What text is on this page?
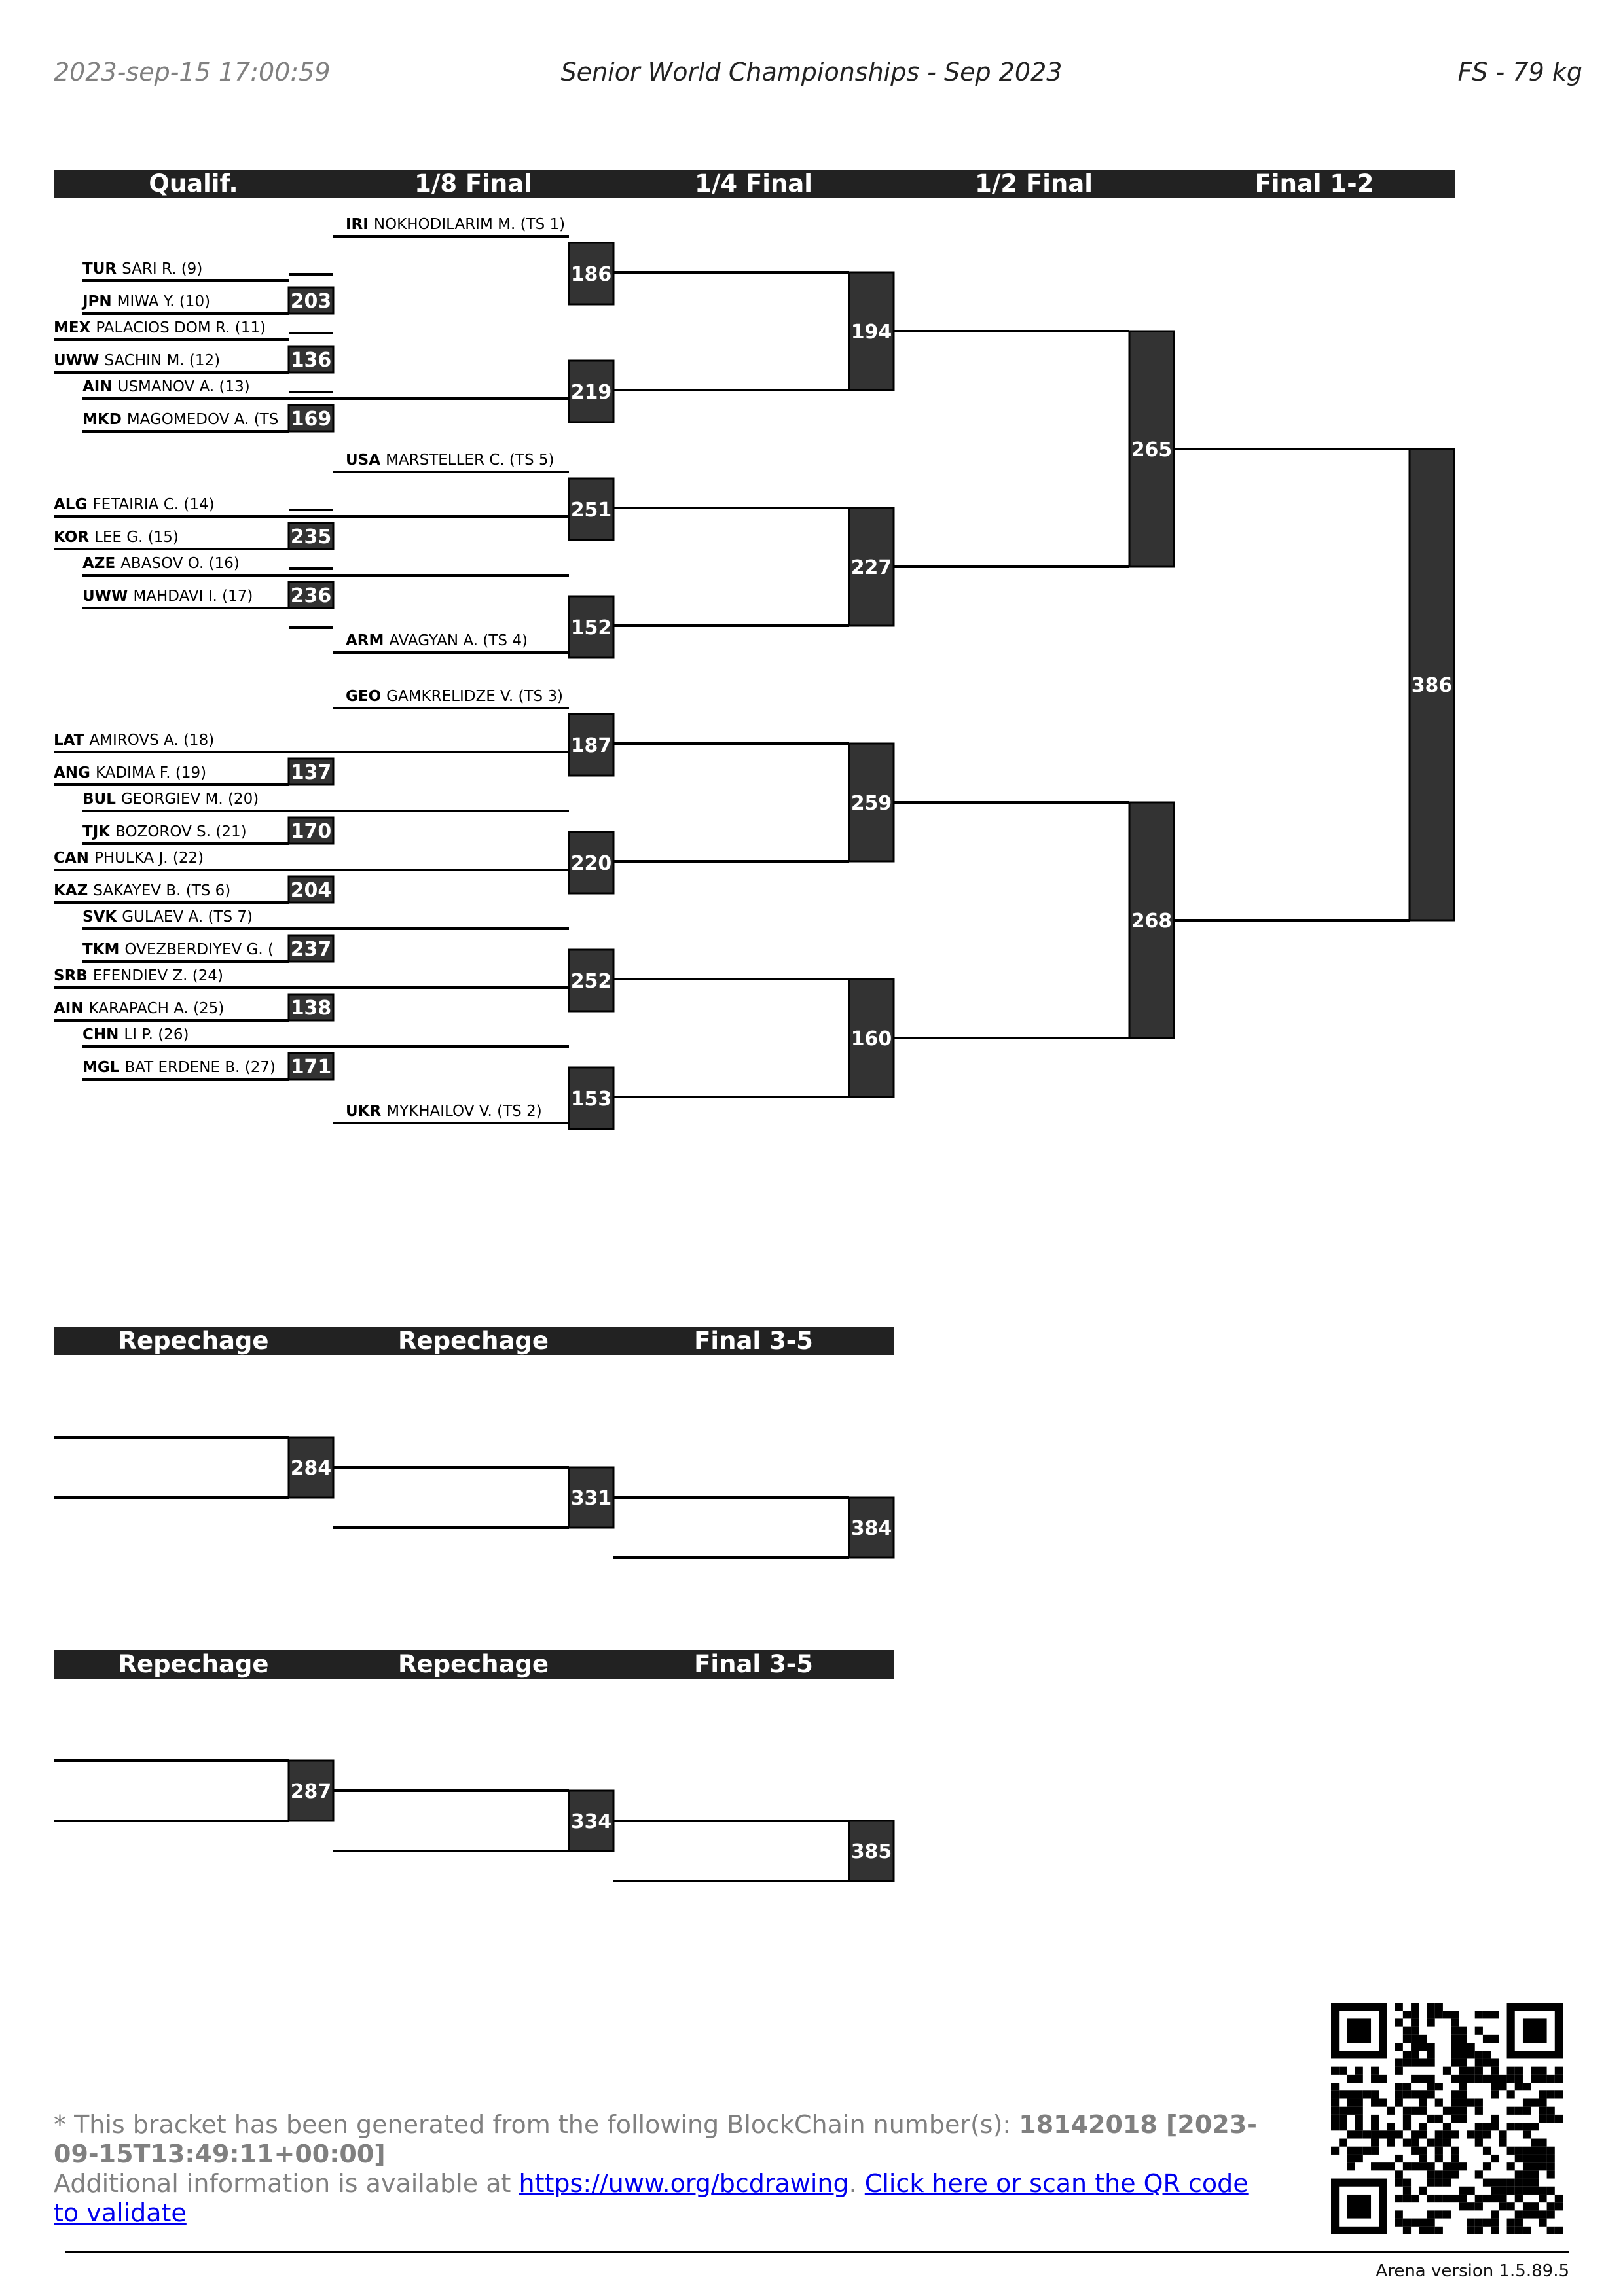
2023-sep-15 17:00:59	Senior World Championships - Sep 2023	FS - 79 kg
Qualif.	1/8 Final	1/4 Final	1/2 Final	Final 1-2
Repechage	Repechage	Final 3-5
Repechage	Repechage	Final 3-5
IRI NOKHODILARIM M. (TS 1)
TUR SARI R. (9)
JPN MIWA Y. (10)
MEX PALACIOS DOM R. (11)
UWW SACHIN M. (12)
AIN USMANOV A. (13)
MKD MAGOMEDOV A. (TS
USA MARSTELLER C. (TS 5)
ALG FETAIRIA C. (14)
KOR LEE G. (15)
AZE ABASOV O. (16)
UWW MAHDAVI I. (17)
ARM AVAGYAN A. (TS 4)
GEO GAMKRELIDZE V. (TS 3)
LAT AMIROVS A. (18)
ANG KADIMA F. (19)
BUL GEORGIEV M. (20)
TJK BOZOROV S. (21)
CAN PHULKA J. (22)
KAZ SAKAYEV B. (TS 6)
SVK GULAEV A. (TS 7)
TKM OVEZBERDIYEV G. (
SRB EFENDIEV Z. (24)
AIN KARAPACH A. (25)
CHN LI P. (26)
MGL BAT ERDENE B. (27)
UKR MYKHAILOV V. (TS 2)
203
136
169
235
236
137
170
204
237
138
171
186
219
251
152
187
220
252
153
194
227
259
160
265
268
386
284
331
384
287
334
385
* This bracket has been generated from the following BlockChain number(s): 18142018 [2023-09-15T13:49:11+00:00]
Additional information is available at https://uww.org/bcdrawing. Click here or scan the QR code to validate
Arena version 1.5.89.5
